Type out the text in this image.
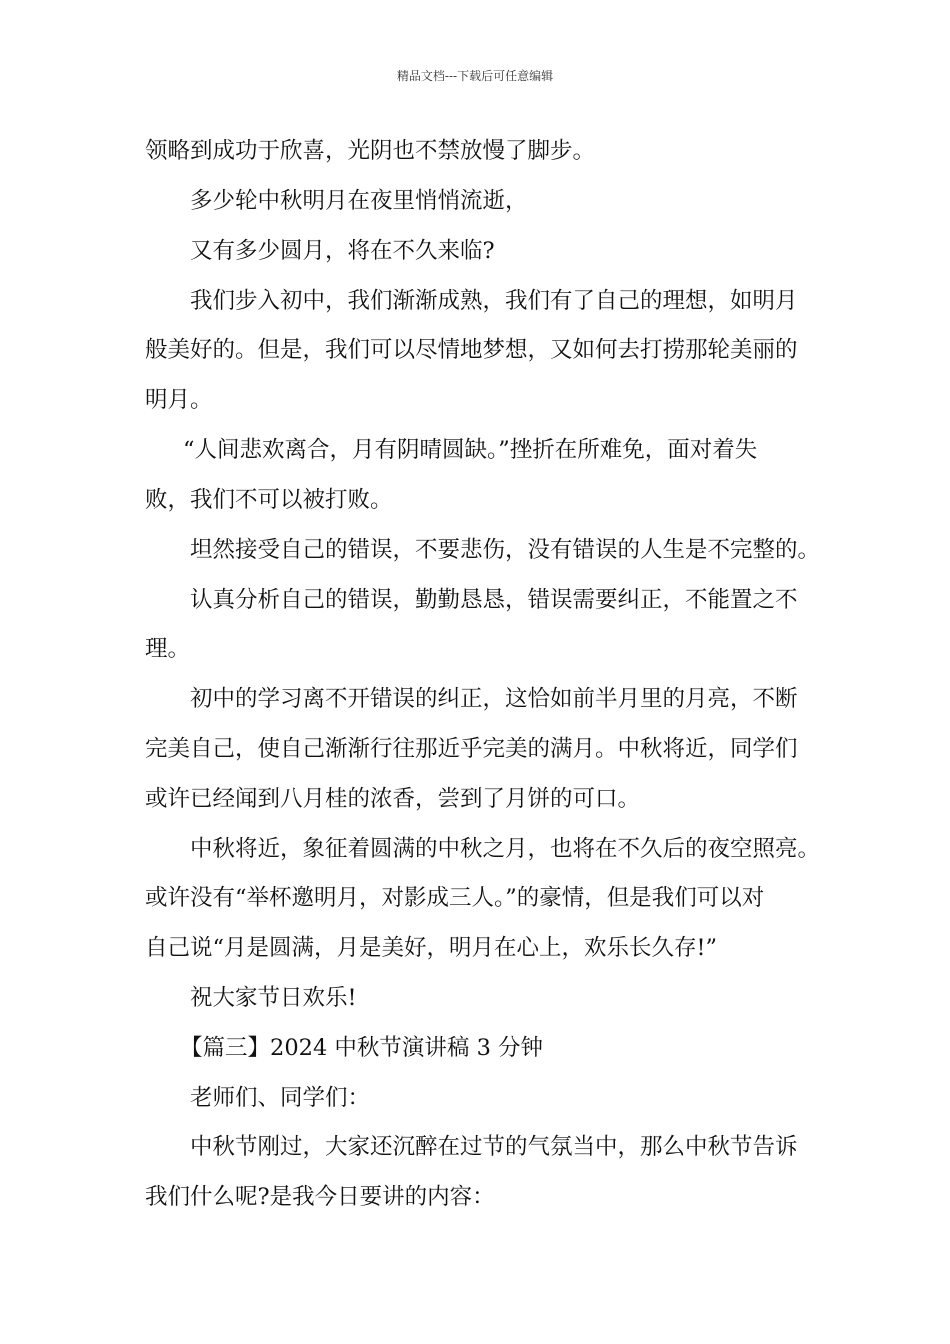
精品文档---下载后可任意编辑
领略到成功于欣喜，光阴也不禁放慢了脚步。
多少轮中秋明月在夜里悄悄流逝，
又有多少圆月，将在不久来临?
我们步入初中，我们渐渐成熟，我们有了自己的理想，如明月
般美好的。但是，我们可以尽情地梦想，又如何去打捞那轮美丽的
明月。
“人间悲欢离合，月有阴晴圆缺。”挫折在所难免，面对着失
败，我们不可以被打败。
坦然接受自己的错误，不要悲伤，没有错误的人生是不完整的。
认真分析自己的错误，勤勤恳恳，错误需要纠正，不能置之不
理。
初中的学习离不开错误的纠正，这恰如前半月里的月亮，不断
完美自己，使自己渐渐行往那近乎完美的满月。中秋将近，同学们
或许已经闻到八月桂的浓香，尝到了月饼的可口。
中秋将近，象征着圆满的中秋之月，也将在不久后的夜空照亮。
或许没有“举杯邀明月，对影成三人。”的豪情，但是我们可以对
自己说“月是圆满，月是美好，明月在心上，欢乐长久存!”
祝大家节日欢乐!
【篇三】2024 中秋节演讲稿 3 分钟
老师们、同学们：
中秋节刚过，大家还沉醉在过节的气氛当中，那么中秋节告诉
我们什么呢?是我今日要讲的内容：
